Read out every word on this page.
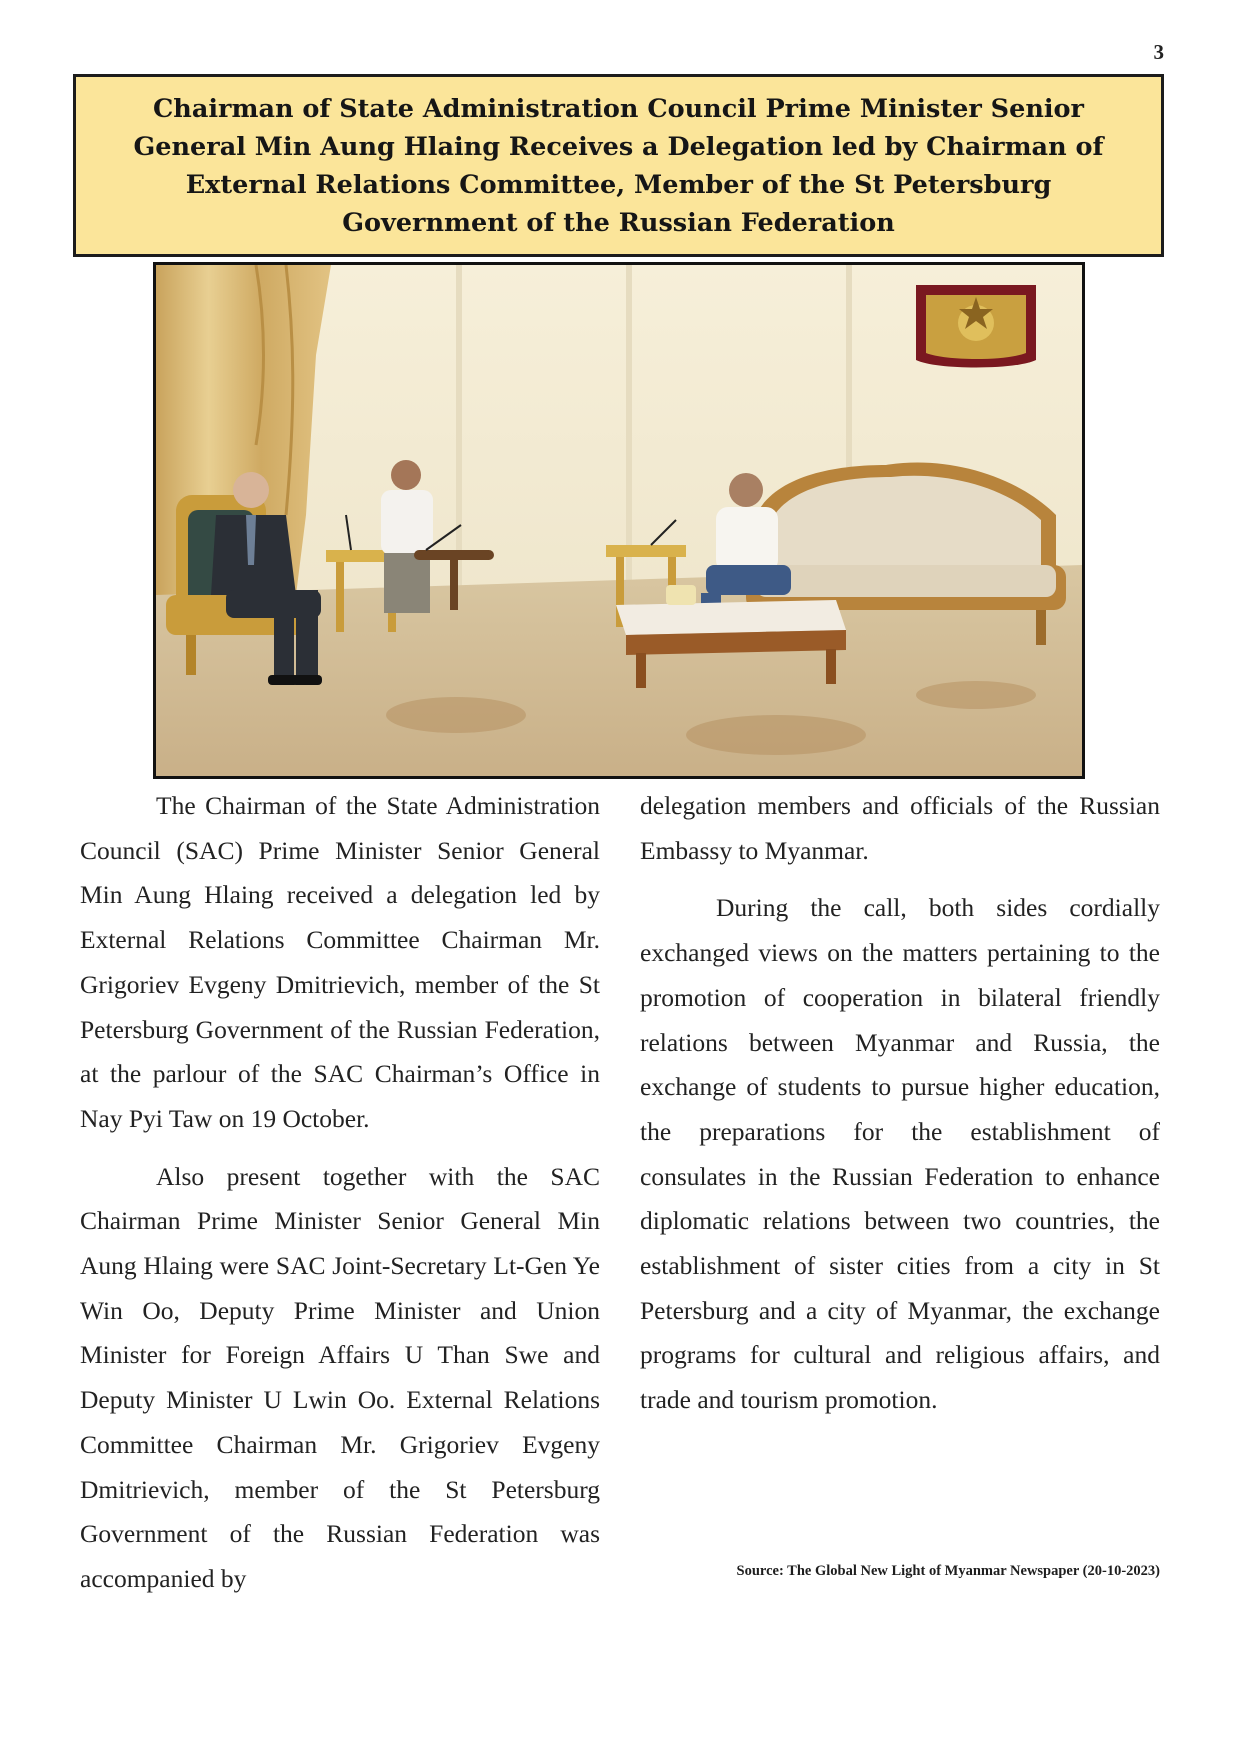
3
Chairman of State Administration Council Prime Minister Senior General Min Aung Hlaing Receives a Delegation led by Chairman of External Relations Committee, Member of the St Petersburg Government of the Russian Federation

The Chairman of the State Administration Council (SAC) Prime Minister Senior General Min Aung Hlaing received a delegation led by External Relations Committee Chairman Mr. Grigoriev Evgeny Dmitrievich, member of the St Petersburg Government of the Russian Federation, at the parlour of the SAC Chairman’s Office in Nay Pyi Taw on 19 October.

Also present together with the SAC Chairman Prime Minister Senior General Min Aung Hlaing were SAC Joint-Secretary Lt-Gen Ye Win Oo, Deputy Prime Minister and Union Minister for Foreign Affairs U Than Swe and Deputy Minister U Lwin Oo. External Relations Committee Chairman Mr. Grigoriev Evgeny Dmitrievich, member of the St Petersburg Government of the Russian Federation was accompanied by

delegation members and officials of the Russian Embassy to Myanmar.

During the call, both sides cordially exchanged views on the matters pertaining to the promotion of cooperation in bilateral friendly relations between Myanmar and Russia, the exchange of students to pursue higher education, the preparations for the establishment of consulates in the Russian Federation to enhance diplomatic relations between two countries, the establishment of sister cities from a city in St Petersburg and a city of Myanmar, the exchange programs for cultural and religious affairs, and trade and tourism promotion.

Source: The Global New Light of Myanmar Newspaper (20-10-2023)
